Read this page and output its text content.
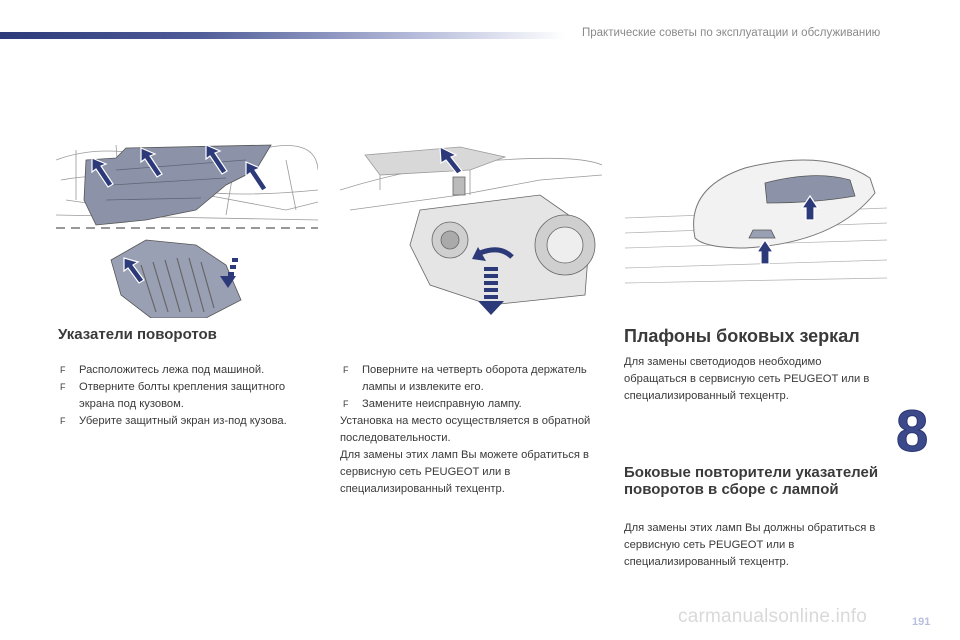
Практические советы по эксплуатации и обслуживанию
Указатели поворотов
F Расположитесь лежа под машиной.
F Отверните болты крепления защитного экрана под кузовом.
F Уберите защитный экран из-под кузова.
F Поверните на четверть оборота держатель лампы и извлеките его.
F Замените неисправную лампу.

Установка на место осуществляется в обратной последовательности.

Для замены этих ламп Вы можете обратиться в сервисную сеть PEUGEOT или в специализированный техцентр.

Плафоны боковых зеркал
Для замены светодиодов необходимо обращаться в сервисную сеть PEUGEOT или в специализированный техцентр.
Боковые повторители указателей поворотов в сборе с лампой
Для замены этих ламп Вы должны обратиться в сервисную сеть PEUGEOT или в специализированный техцентр.
8
carmanualsonline.info	191
